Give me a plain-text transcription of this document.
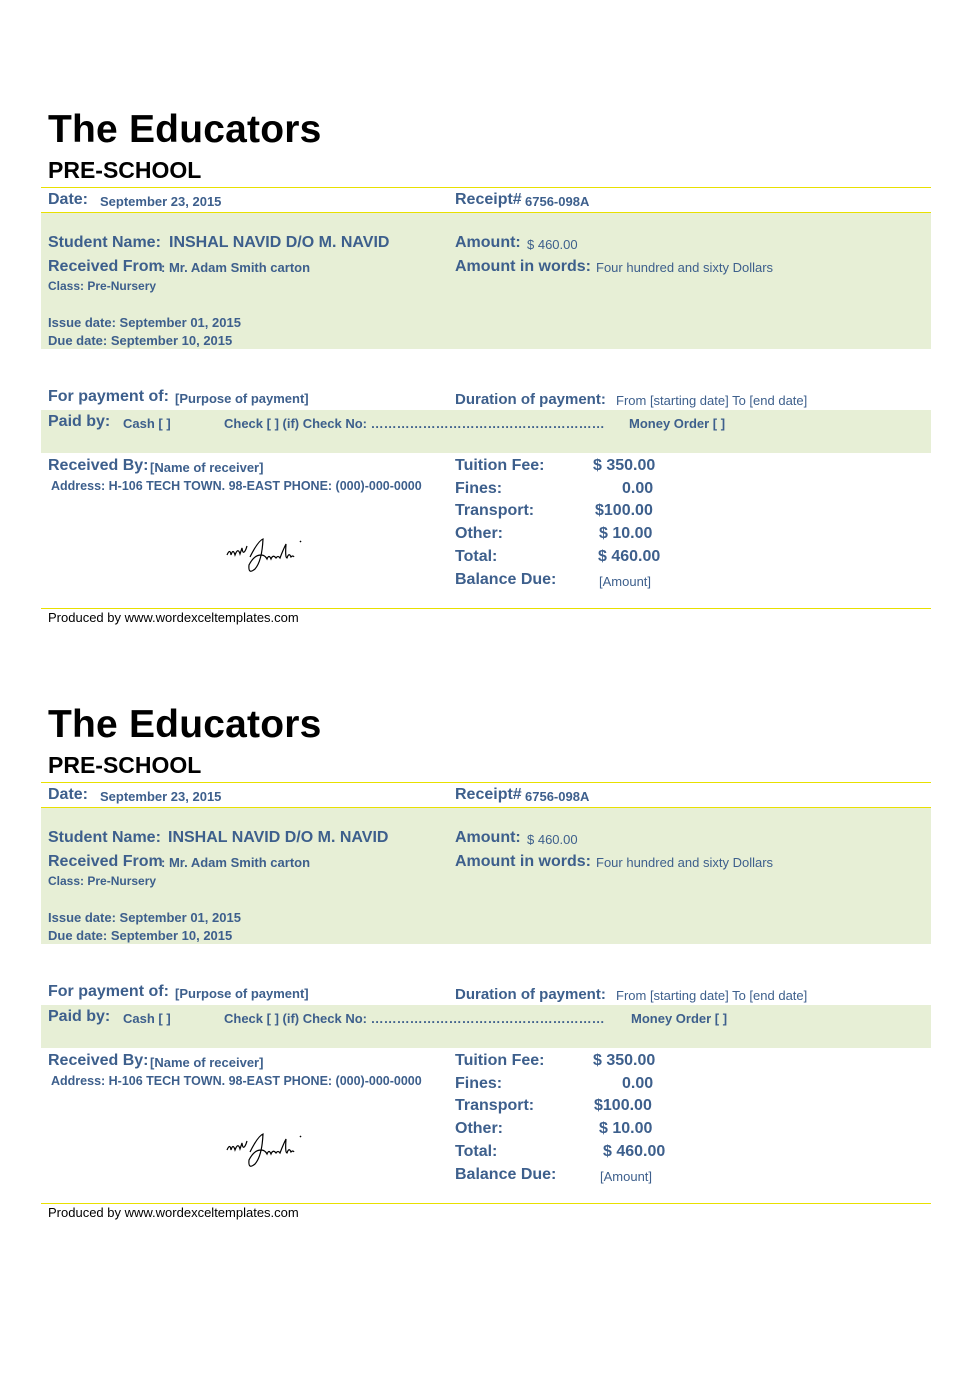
The Educators
PRE-SCHOOL
Date: September 23, 2015	Receipt# 6756-098A
Student Name: INSHAL NAVID D/O M. NAVID
Received From
: Mr. Adam Smith carton
Class: Pre-Nursery
Issue date: September 01, 2015
Due date: September 10, 2015
Amount: $ 460.00
Amount in words: Four hundred and sixty Dollars
For payment of: [Purpose of payment]	Duration of payment: From [starting date] To [end date]
Paid by: Cash [ ]	Check [ ] (if) Check No: ……………………………………………… Money Order [ ]
Received By: [Name of receiver]
Address: H-106 TECH TOWN. 98-EAST PHONE: (000)-000-0000
Tuition Fee:	$ 350.00
Fines:	0.00
Transport:	$100.00
Other:	$ 10.00
Total:	$ 460.00
Balance Due:	[Amount]
Produced by www.wordexceltemplates.com
The Educators
PRE-SCHOOL
Date: September 23, 2015	Receipt# 6756-098A
Student Name: INSHAL NAVID D/O M. NAVID
Received From
: Mr. Adam Smith carton
Class: Pre-Nursery
Issue date: September 01, 2015
Due date: September 10, 2015
Amount: $ 460.00
Amount in words: Four hundred and sixty Dollars
For payment of: [Purpose of payment]	Duration of payment: From [starting date] To [end date]
Paid by: Cash [ ]	Check [ ] (if) Check No: ……………………………………………… Money Order [ ]
Received By: [Name of receiver]
Address: H-106 TECH TOWN. 98-EAST PHONE: (000)-000-0000
Tuition Fee:	$ 350.00
Fines:	0.00
Transport:	$100.00
Other:	$ 10.00
Total:	$ 460.00
Balance Due:	[Amount]
Produced by www.wordexceltemplates.com
